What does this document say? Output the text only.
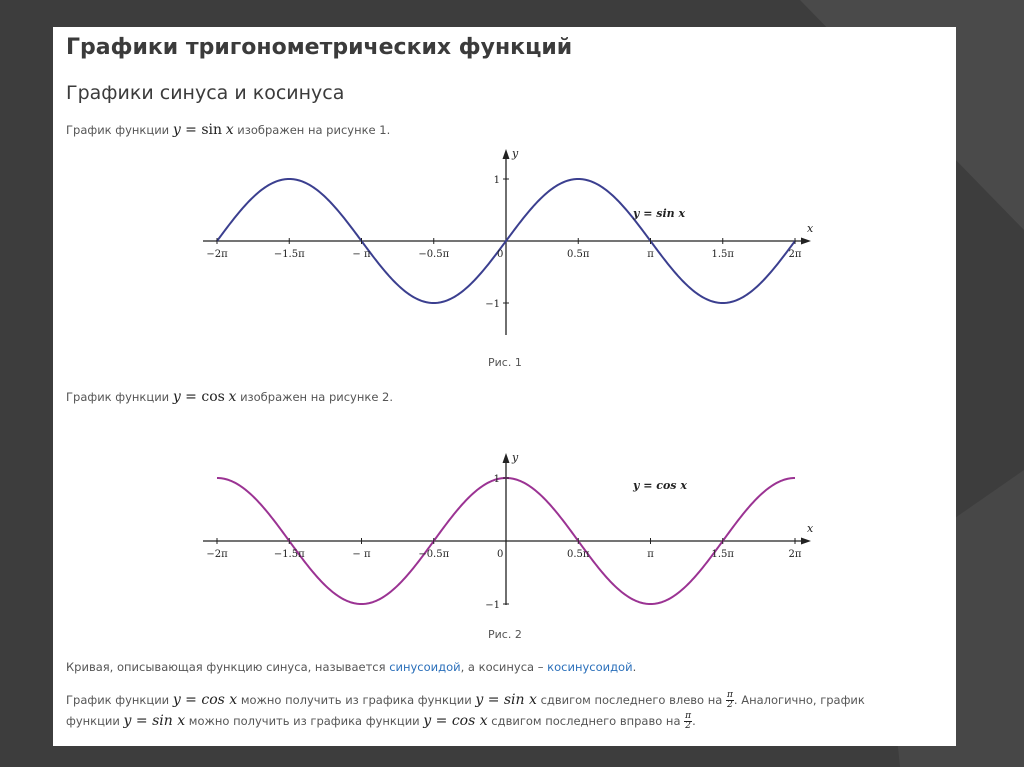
Графики тригонометрических функций
Графики синуса и косинуса

График функции y = sin x изображен на рисунке 1.

x
y
−2π	−1.5π	− π	−0.5π	0	0.5π	π	1.5π	2π
1
−1
y = sin x

Рис. 1

График функции y = cos x изображен на рисунке 2.

x
y
−2π	−1.5π	− π	−0.5π	0	0.5π	π	1.5π	2π
1
−1
y = cos x

Рис. 2

Кривая, описывающая функцию синуса, называется синусоидой, а косинуса – косинусоидой.

График функции y = cos x можно получить из графика функции y = sin x сдвигом последнего влево на $\frac{\pi}{2}$ . Аналогично, график

функции y = sin x можно получить из графика функции y = cos x сдвигом последнего вправо на $\frac{\pi}{2}$ .
